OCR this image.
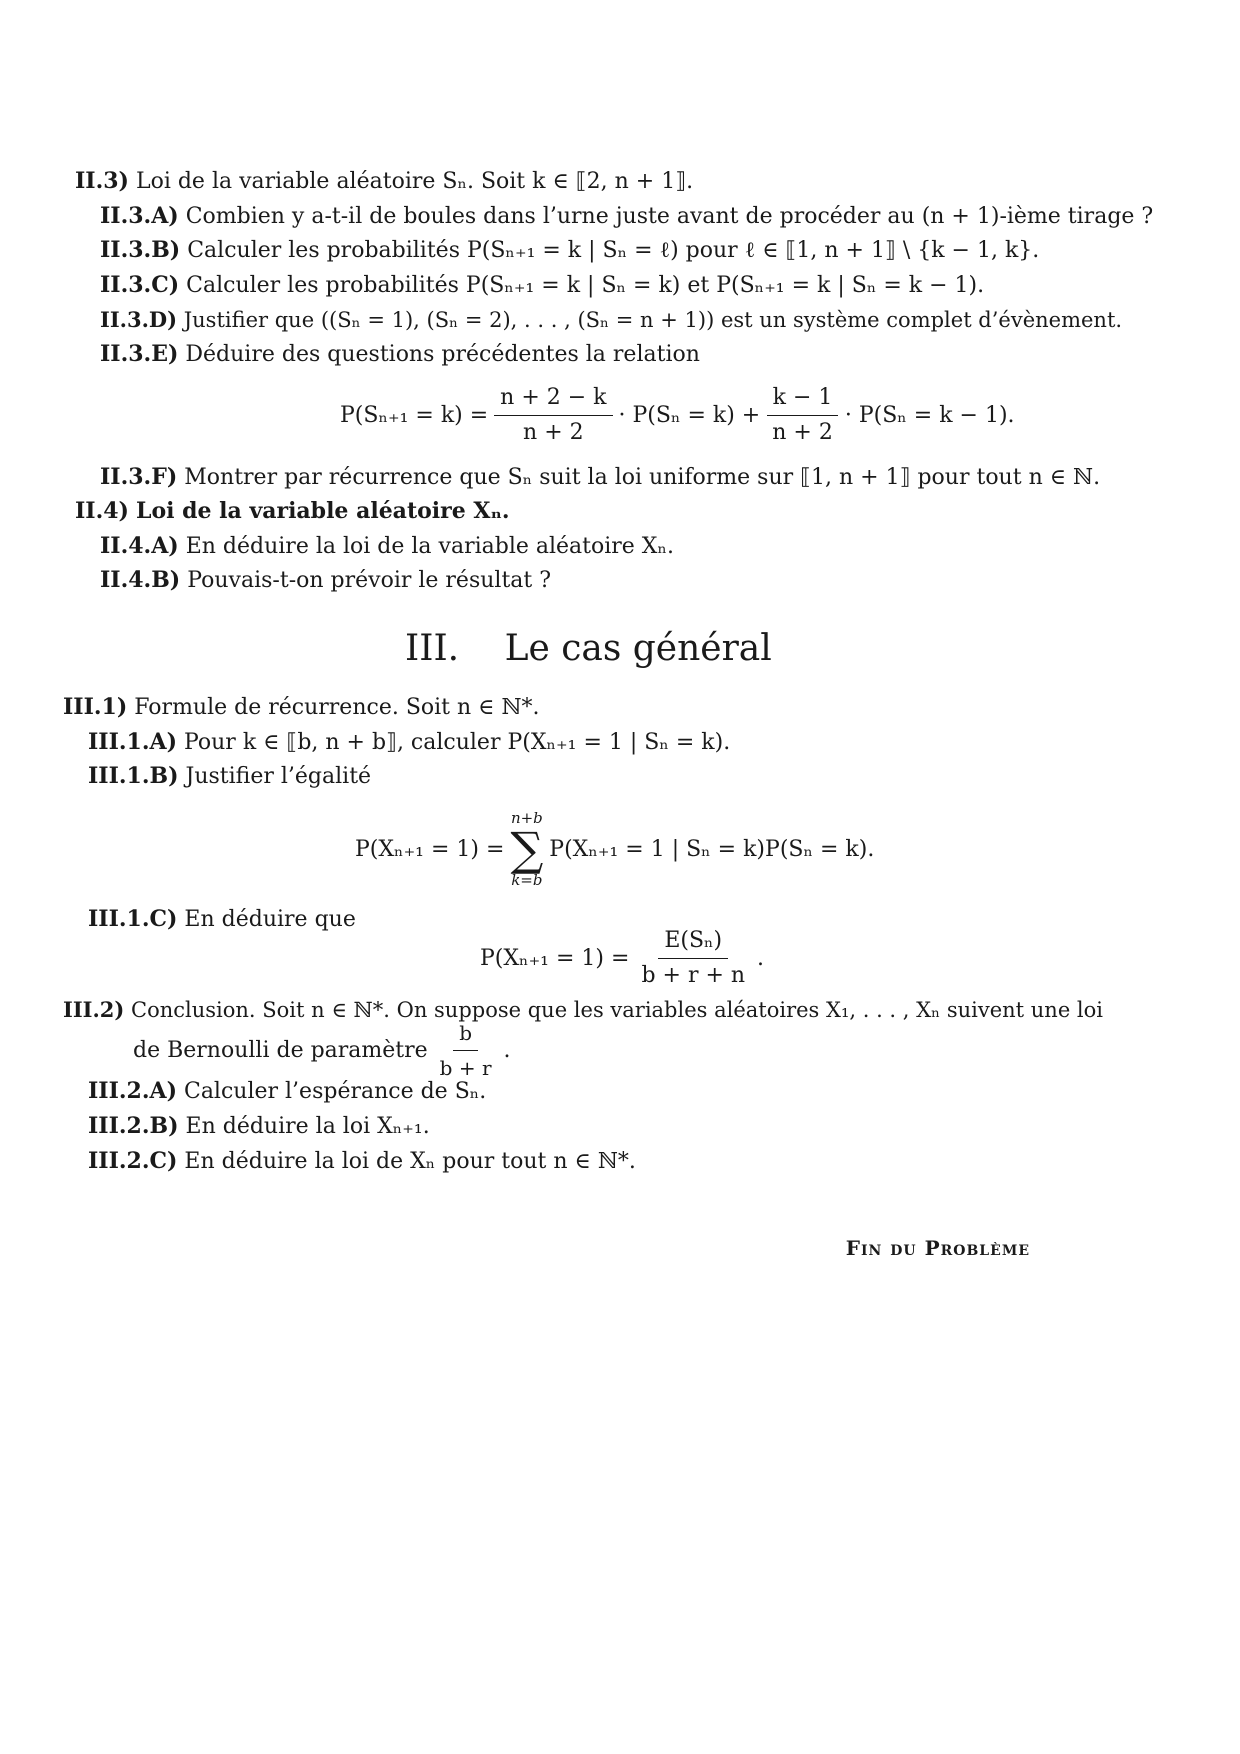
II.3) Loi de la variable aléatoire Sₙ. Soit k ∈ ⟦2, n + 1⟧.
II.3.A) Combien y a-t-il de boules dans l’urne juste avant de procéder au (n + 1)-ième tirage ?
II.3.B) Calculer les probabilités P(Sₙ₊₁ = k | Sₙ = ℓ) pour ℓ ∈ ⟦1, n + 1⟧ \ {k − 1, k}.
II.3.C) Calculer les probabilités P(Sₙ₊₁ = k | Sₙ = k) et P(Sₙ₊₁ = k | Sₙ = k − 1).
II.3.D) Justifier que ((Sₙ = 1), (Sₙ = 2), . . . , (Sₙ = n + 1)) est un système complet d’évènement.
II.3.E) Déduire des questions précédentes la relation
$P(S_{n+1} = k) = \frac{n + 2 - k}{n + 2} \cdot P(S_n = k) + \frac{k - 1}{n + 2} \cdot P(S_n = k - 1)$.
II.3.F) Montrer par récurrence que Sₙ suit la loi uniforme sur ⟦1, n + 1⟧ pour tout n ∈ ℕ.
II.4) Loi de la variable aléatoire Xₙ.
II.4.A) En déduire la loi de la variable aléatoire Xₙ.
II.4.B) Pouvais-t-on prévoir le résultat ?
III. Le cas général
III.1) Formule de récurrence. Soit n ∈ ℕ*.
III.1.A) Pour k ∈ ⟦b, n + b⟧, calculer P(Xₙ₊₁ = 1 | Sₙ = k).
III.1.B) Justifier l’égalité
P(Xₙ₊₁ = 1) =
n+b
∑
k=b
P(Xₙ₊₁ = 1 | Sₙ = k)P(Sₙ = k).
III.1.C) En déduire que
$P(X_{n+1} = 1) = \frac{\text{E(Sₙ)}}{b + r + n}$ .
III.2) Conclusion. Soit n ∈ ℕ*. On suppose que les variables aléatoires X₁, . . . , Xₙ suivent une loi
de Bernoulli de paramètre $\frac{b}{b + r}$ .
III.2.A) Calculer l’espérance de Sₙ.
III.2.B) En déduire la loi Xₙ₊₁.
III.2.C) En déduire la loi de Xₙ pour tout n ∈ ℕ*.
Fin du Problème
